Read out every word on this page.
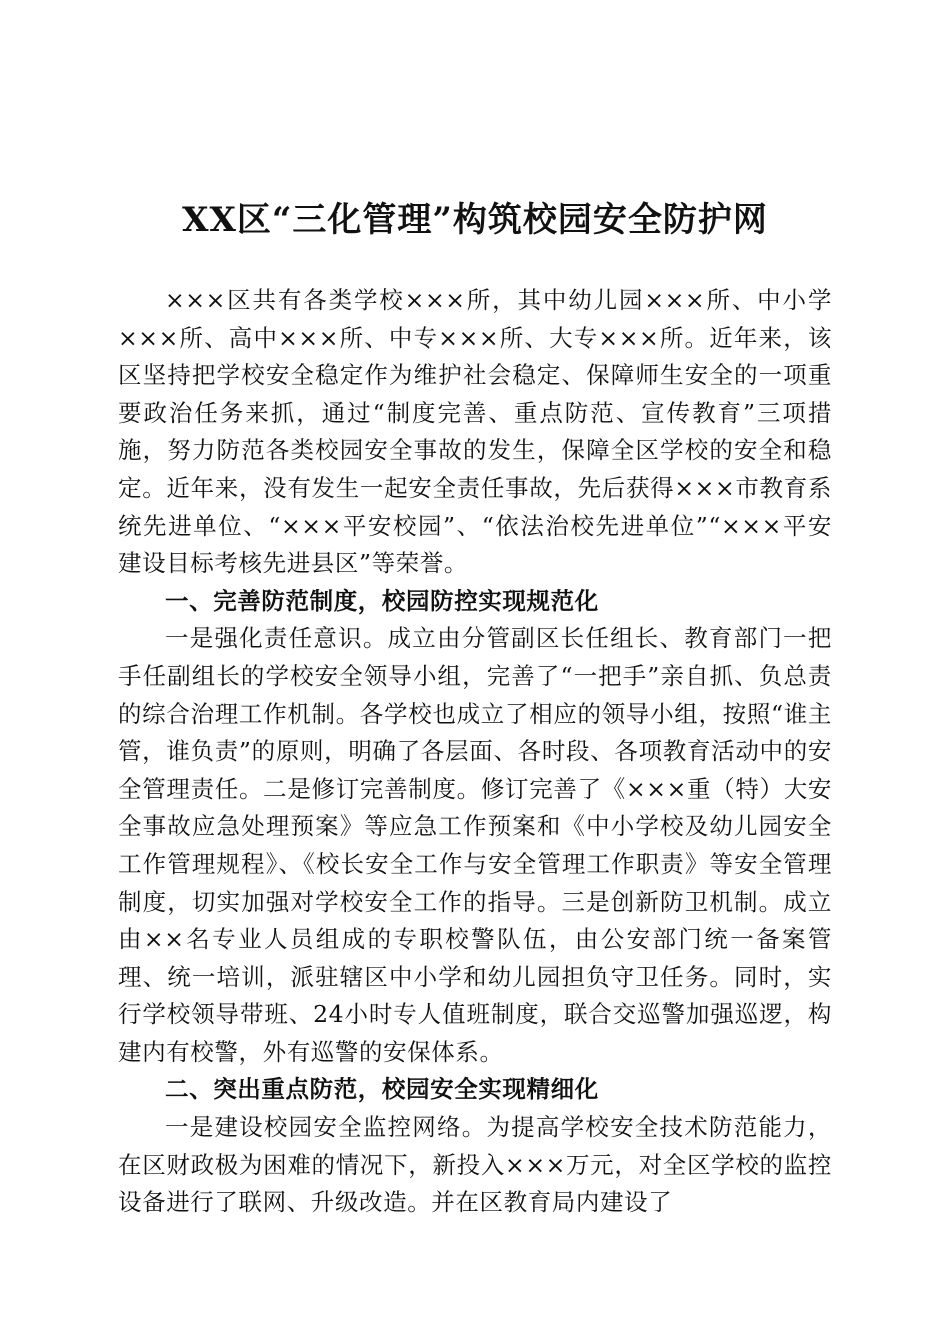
XX区“三化管理”构筑校园安全防护网

×××区共有各类学校×××所，其中幼儿园×××所、中小学×××所、高中×××所、中专×××所、大专×××所。近年来，该区坚持把学校安全稳定作为维护社会稳定、保障师生安全的一项重要政治任务来抓，通过“制度完善、重点防范、宣传教育”三项措施，努力防范各类校园安全事故的发生，保障全区学校的安全和稳定。近年来，没有发生一起安全责任事故，先后获得×××市教育系统先进单位、“×××平安校园”、“依法治校先进单位”“×××平安建设目标考核先进县区”等荣誉。

一、完善防范制度，校园防控实现规范化

一是强化责任意识。成立由分管副区长任组长、教育部门一把手任副组长的学校安全领导小组，完善了“一把手”亲自抓、负总责的综合治理工作机制。各学校也成立了相应的领导小组，按照“谁主管，谁负责”的原则，明确了各层面、各时段、各项教育活动中的安全管理责任。二是修订完善制度。修订完善了《×××重（特）大安全事故应急处理预案》等应急工作预案和《中小学校及幼儿园安全工作管理规程》、《校长安全工作与安全管理工作职责》等安全管理制度，切实加强对学校安全工作的指导。三是创新防卫机制。成立由××名专业人员组成的专职校警队伍，由公安部门统一备案管理、统一培训，派驻辖区中小学和幼儿园担负守卫任务。同时，实行学校领导带班、24小时专人值班制度，联合交巡警加强巡逻，构建内有校警，外有巡警的安保体系。

二、突出重点防范，校园安全实现精细化

一是建设校园安全监控网络。为提高学校安全技术防范能力，在区财政极为困难的情况下，新投入×××万元，对全区学校的监控设备进行了联网、升级改造。并在区教育局内建设了
